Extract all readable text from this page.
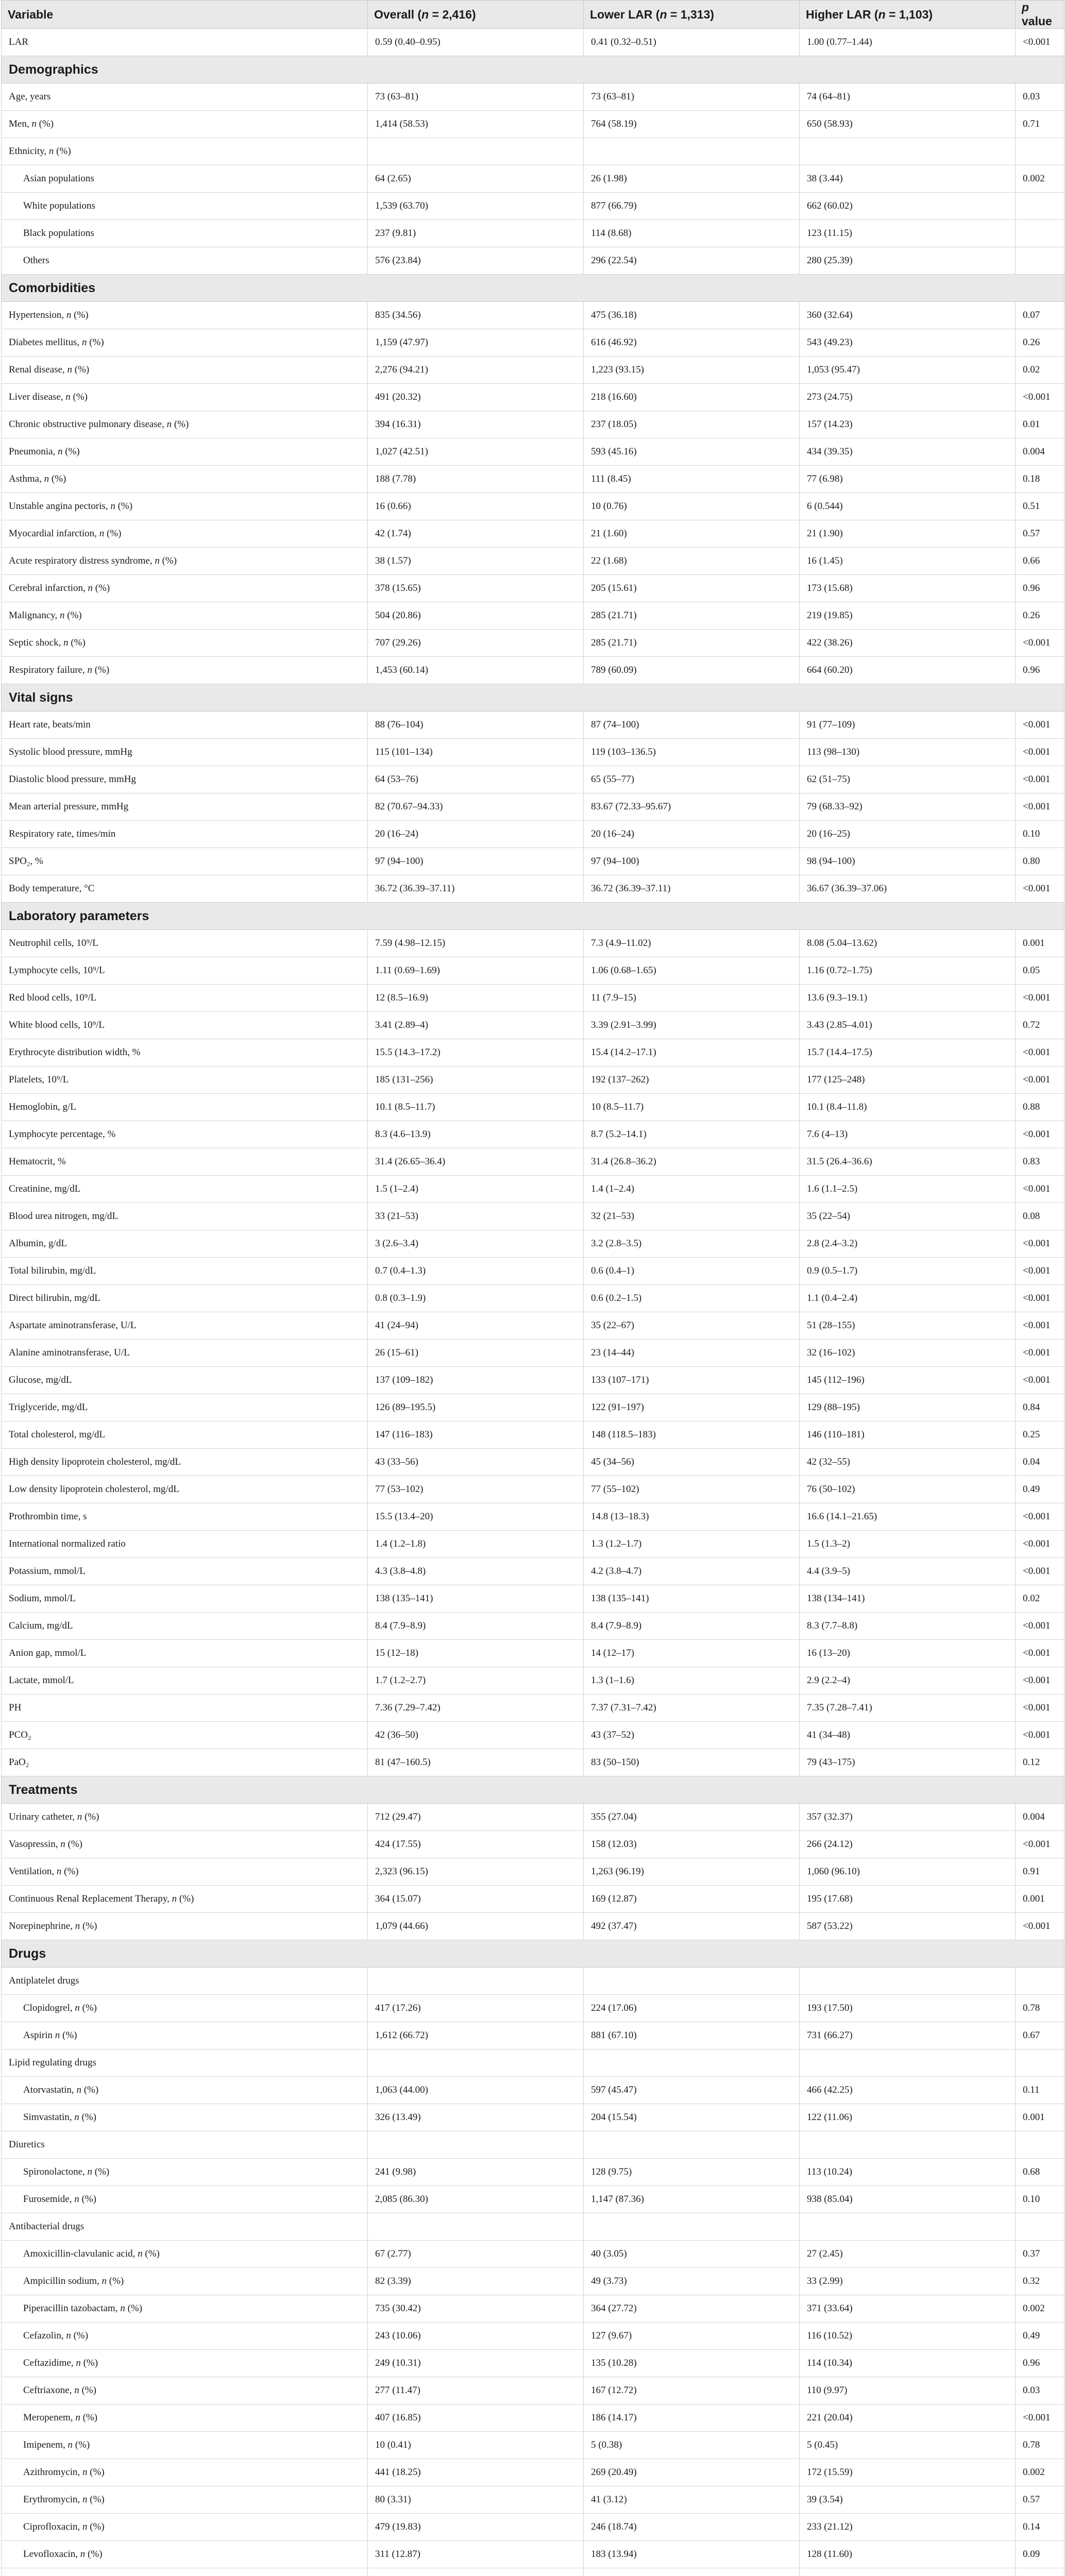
Variable	Overall (n = 2,416)	Lower LAR (n = 1,313)	Higher LAR (n = 1,103)	p value
LAR	0.59 (0.40–0.95)	0.41 (0.32–0.51)	1.00 (0.77–1.44)	<0.001
Demographics				
Age, years	73 (63–81)	73 (63–81)	74 (64–81)	0.03
Men, n (%)	1,414 (58.53)	764 (58.19)	650 (58.93)	0.71
Ethnicity, n (%)				
Asian populations	64 (2.65)	26 (1.98)	38 (3.44)	0.002
White populations	1,539 (63.70)	877 (66.79)	662 (60.02)	
Black populations	237 (9.81)	114 (8.68)	123 (11.15)	
Others	576 (23.84)	296 (22.54)	280 (25.39)	
Comorbidities				
Hypertension, n (%)	835 (34.56)	475 (36.18)	360 (32.64)	0.07
Diabetes mellitus, n (%)	1,159 (47.97)	616 (46.92)	543 (49.23)	0.26
Renal disease, n (%)	2,276 (94.21)	1,223 (93.15)	1,053 (95.47)	0.02
Liver disease, n (%)	491 (20.32)	218 (16.60)	273 (24.75)	<0.001
Chronic obstructive pulmonary disease, n (%)	394 (16.31)	237 (18.05)	157 (14.23)	0.01
Pneumonia, n (%)	1,027 (42.51)	593 (45.16)	434 (39.35)	0.004
Asthma, n (%)	188 (7.78)	111 (8.45)	77 (6.98)	0.18
Unstable angina pectoris, n (%)	16 (0.66)	10 (0.76)	6 (0.544)	0.51
Myocardial infarction, n (%)	42 (1.74)	21 (1.60)	21 (1.90)	0.57
Acute respiratory distress syndrome, n (%)	38 (1.57)	22 (1.68)	16 (1.45)	0.66
Cerebral infarction, n (%)	378 (15.65)	205 (15.61)	173 (15.68)	0.96
Malignancy, n (%)	504 (20.86)	285 (21.71)	219 (19.85)	0.26
Septic shock, n (%)	707 (29.26)	285 (21.71)	422 (38.26)	<0.001
Respiratory failure, n (%)	1,453 (60.14)	789 (60.09)	664 (60.20)	0.96
Vital signs				
Heart rate, beats/min	88 (76–104)	87 (74–100)	91 (77–109)	<0.001
Systolic blood pressure, mmHg	115 (101–134)	119 (103–136.5)	113 (98–130)	<0.001
Diastolic blood pressure, mmHg	64 (53–76)	65 (55–77)	62 (51–75)	<0.001
Mean arterial pressure, mmHg	82 (70.67–94.33)	83.67 (72.33–95.67)	79 (68.33–92)	<0.001
Respiratory rate, times/min	20 (16–24)	20 (16–24)	20 (16–25)	0.10
SPO₂, %	97 (94–100)	97 (94–100)	98 (94–100)	0.80
Body temperature, °C	36.72 (36.39–37.11)	36.72 (36.39–37.11)	36.67 (36.39–37.06)	<0.001
Laboratory parameters				
Neutrophil cells, 10⁹/L	7.59 (4.98–12.15)	7.3 (4.9–11.02)	8.08 (5.04–13.62)	0.001
Lymphocyte cells, 10⁹/L	1.11 (0.69–1.69)	1.06 (0.68–1.65)	1.16 (0.72–1.75)	0.05
Red blood cells, 10⁹/L	12 (8.5–16.9)	11 (7.9–15)	13.6 (9.3–19.1)	<0.001
White blood cells, 10⁹/L	3.41 (2.89–4)	3.39 (2.91–3.99)	3.43 (2.85–4.01)	0.72
Erythrocyte distribution width, %	15.5 (14.3–17.2)	15.4 (14.2–17.1)	15.7 (14.4–17.5)	<0.001
Platelets, 10⁹/L	185 (131–256)	192 (137–262)	177 (125–248)	<0.001
Hemoglobin, g/L	10.1 (8.5–11.7)	10 (8.5–11.7)	10.1 (8.4–11.8)	0.88
Lymphocyte percentage, %	8.3 (4.6–13.9)	8.7 (5.2–14.1)	7.6 (4–13)	<0.001
Hematocrit, %	31.4 (26.65–36.4)	31.4 (26.8–36.2)	31.5 (26.4–36.6)	0.83
Creatinine, mg/dL	1.5 (1–2.4)	1.4 (1–2.4)	1.6 (1.1–2.5)	<0.001
Blood urea nitrogen, mg/dL	33 (21–53)	32 (21–53)	35 (22–54)	0.08
Albumin, g/dL	3 (2.6–3.4)	3.2 (2.8–3.5)	2.8 (2.4–3.2)	<0.001
Total bilirubin, mg/dL	0.7 (0.4–1.3)	0.6 (0.4–1)	0.9 (0.5–1.7)	<0.001
Direct bilirubin, mg/dL	0.8 (0.3–1.9)	0.6 (0.2–1.5)	1.1 (0.4–2.4)	<0.001
Aspartate aminotransferase, U/L	41 (24–94)	35 (22–67)	51 (28–155)	<0.001
Alanine aminotransferase, U/L	26 (15–61)	23 (14–44)	32 (16–102)	<0.001
Glucose, mg/dL	137 (109–182)	133 (107–171)	145 (112–196)	<0.001
Triglyceride, mg/dL	126 (89–195.5)	122 (91–197)	129 (88–195)	0.84
Total cholesterol, mg/dL	147 (116–183)	148 (118.5–183)	146 (110–181)	0.25
High density lipoprotein cholesterol, mg/dL	43 (33–56)	45 (34–56)	42 (32–55)	0.04
Low density lipoprotein cholesterol, mg/dL	77 (53–102)	77 (55–102)	76 (50–102)	0.49
Prothrombin time, s	15.5 (13.4–20)	14.8 (13–18.3)	16.6 (14.1–21.65)	<0.001
International normalized ratio	1.4 (1.2–1.8)	1.3 (1.2–1.7)	1.5 (1.3–2)	<0.001
Potassium, mmol/L	4.3 (3.8–4.8)	4.2 (3.8–4.7)	4.4 (3.9–5)	<0.001
Sodium, mmol/L	138 (135–141)	138 (135–141)	138 (134–141)	0.02
Calcium, mg/dL	8.4 (7.9–8.9)	8.4 (7.9–8.9)	8.3 (7.7–8.8)	<0.001
Anion gap, mmol/L	15 (12–18)	14 (12–17)	16 (13–20)	<0.001
Lactate, mmol/L	1.7 (1.2–2.7)	1.3 (1–1.6)	2.9 (2.2–4)	<0.001
PH	7.36 (7.29–7.42)	7.37 (7.31–7.42)	7.35 (7.28–7.41)	<0.001
PCO₂	42 (36–50)	43 (37–52)	41 (34–48)	<0.001
PaO₂	81 (47–160.5)	83 (50–150)	79 (43–175)	0.12
Treatments				
Urinary catheter, n (%)	712 (29.47)	355 (27.04)	357 (32.37)	0.004
Vasopressin, n (%)	424 (17.55)	158 (12.03)	266 (24.12)	<0.001
Ventilation, n (%)	2,323 (96.15)	1,263 (96.19)	1,060 (96.10)	0.91
Continuous Renal Replacement Therapy, n (%)	364 (15.07)	169 (12.87)	195 (17.68)	0.001
Norepinephrine, n (%)	1,079 (44.66)	492 (37.47)	587 (53.22)	<0.001
Drugs				
Antiplatelet drugs				
Clopidogrel, n (%)	417 (17.26)	224 (17.06)	193 (17.50)	0.78
Aspirin n (%)	1,612 (66.72)	881 (67.10)	731 (66.27)	0.67
Lipid regulating drugs				
Atorvastatin, n (%)	1,063 (44.00)	597 (45.47)	466 (42.25)	0.11
Simvastatin, n (%)	326 (13.49)	204 (15.54)	122 (11.06)	0.001
Diuretics				
Spironolactone, n (%)	241 (9.98)	128 (9.75)	113 (10.24)	0.68
Furosemide, n (%)	2,085 (86.30)	1,147 (87.36)	938 (85.04)	0.10
Antibacterial drugs				
Amoxicillin-clavulanic acid, n (%)	67 (2.77)	40 (3.05)	27 (2.45)	0.37
Ampicillin sodium, n (%)	82 (3.39)	49 (3.73)	33 (2.99)	0.32
Piperacillin tazobactam, n (%)	735 (30.42)	364 (27.72)	371 (33.64)	0.002
Cefazolin, n (%)	243 (10.06)	127 (9.67)	116 (10.52)	0.49
Ceftazidime, n (%)	249 (10.31)	135 (10.28)	114 (10.34)	0.96
Ceftriaxone, n (%)	277 (11.47)	167 (12.72)	110 (9.97)	0.03
Meropenem, n (%)	407 (16.85)	186 (14.17)	221 (20.04)	<0.001
Imipenem, n (%)	10 (0.41)	5 (0.38)	5 (0.45)	0.78
Azithromycin, n (%)	441 (18.25)	269 (20.49)	172 (15.59)	0.002
Erythromycin, n (%)	80 (3.31)	41 (3.12)	39 (3.54)	0.57
Ciprofloxacin, n (%)	479 (19.83)	246 (18.74)	233 (21.12)	0.14
Levofloxacin, n (%)	311 (12.87)	183 (13.94)	128 (11.60)	0.09
